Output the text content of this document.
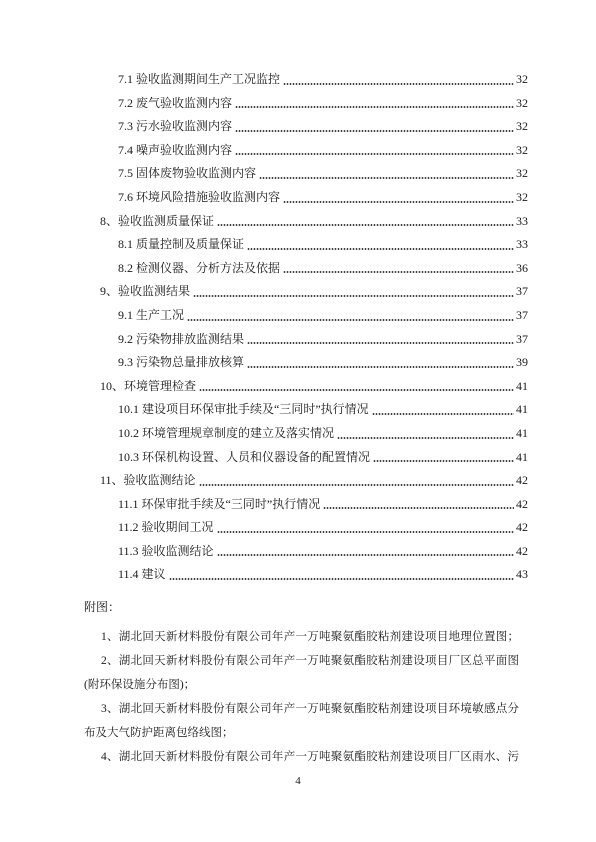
7.1 验收监测期间生产工况监控	32
7.2 废气验收监测内容	32
7.3 污水验收监测内容	32
7.4 噪声验收监测内容	32
7.5 固体废物验收监测内容	32
7.6 环境风险措施验收监测内容	32
8、验收监测质量保证	33
8.1 质量控制及质量保证	33
8.2 检测仪器、分析方法及依据	36
9、验收监测结果	37
9.1 生产工况	37
9.2 污染物排放监测结果	37
9.3 污染物总量排放核算	39
10、环境管理检查	41
10.1 建设项目环保审批手续及“三同时”执行情况	41
10.2 环境管理规章制度的建立及落实情况	41
10.3 环保机构设置、人员和仪器设备的配置情况	41
11、验收监测结论	42
11.1 环保审批手续及“三同时”执行情况	42
11.2 验收期间工况	42
11.3 验收监测结论	42
11.4 建议	43
附图：
1、湖北回天新材料股份有限公司年产一万吨聚氨酯胶粘剂建设项目地理位置图；
2、湖北回天新材料股份有限公司年产一万吨聚氨酯胶粘剂建设项目厂区总平面图
(附环保设施分布图)；
3、湖北回天新材料股份有限公司年产一万吨聚氨酯胶粘剂建设项目环境敏感点分
布及大气防护距离包络线图；
4、湖北回天新材料股份有限公司年产一万吨聚氨酯胶粘剂建设项目厂区雨水、污
4
